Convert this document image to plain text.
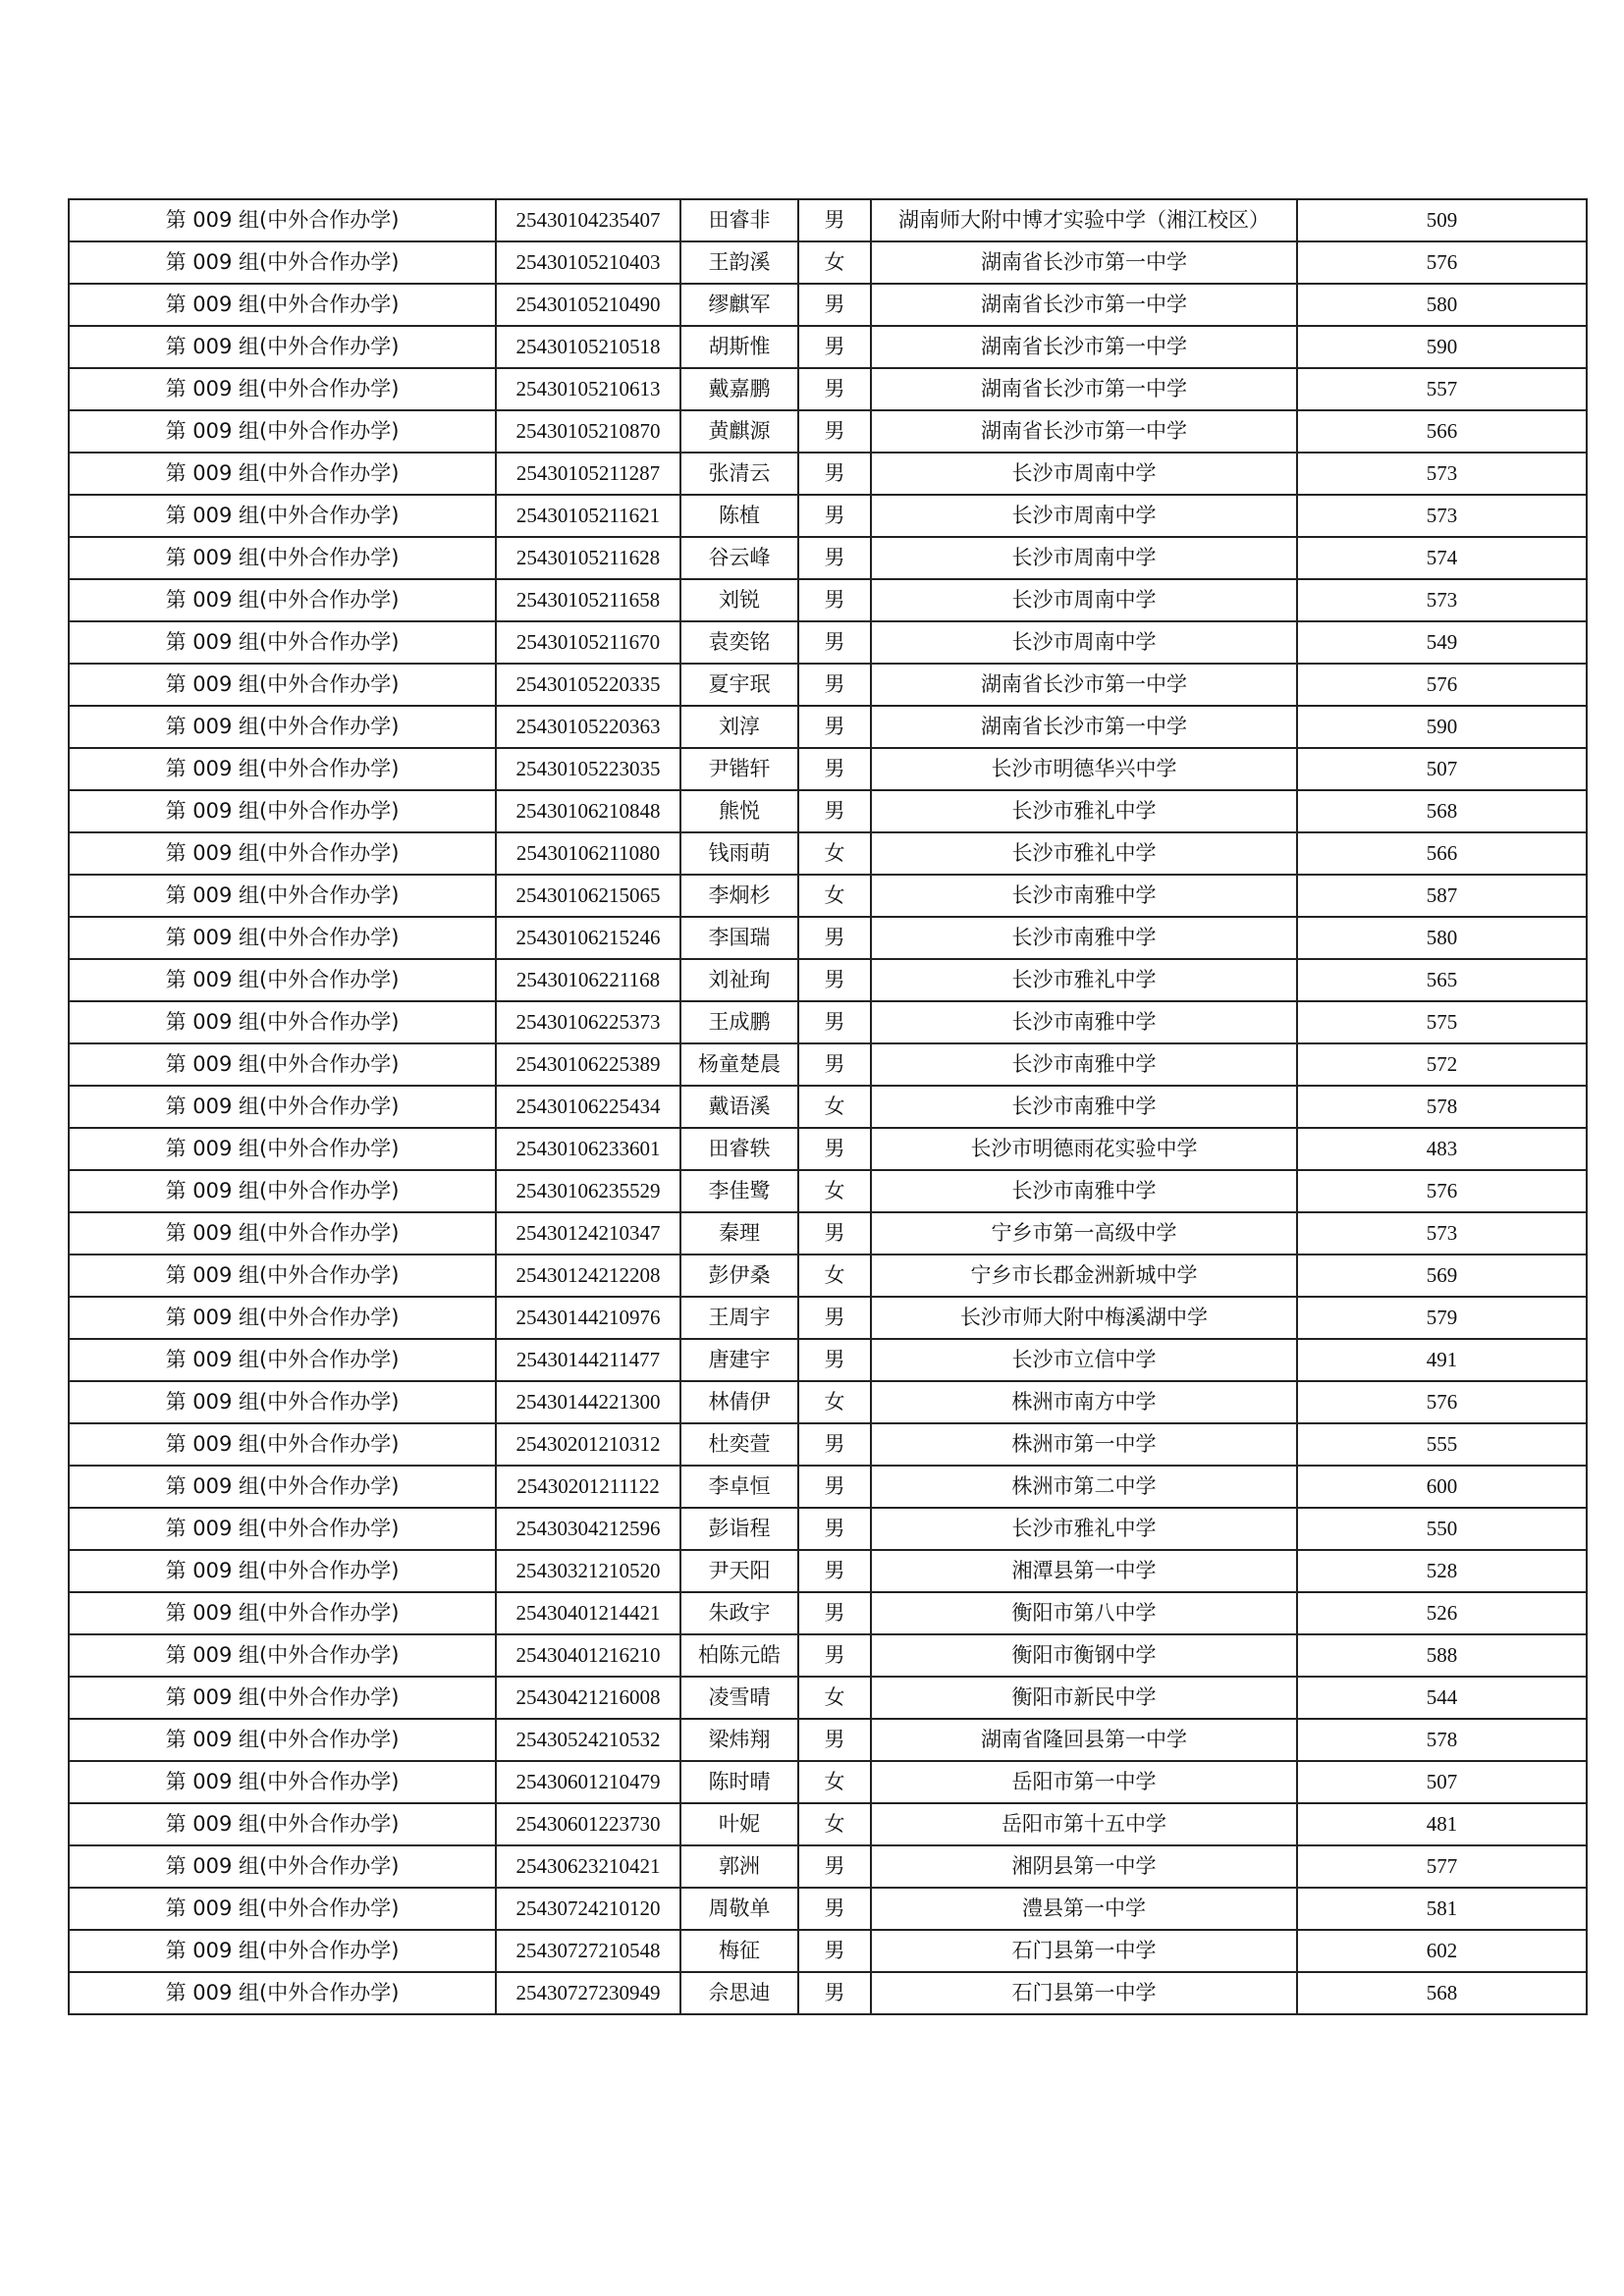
第 009 组(中外合作办学)	25430104235407	田睿非	男	湖南师大附中博才实验中学（湘江校区）	509
第 009 组(中外合作办学)	25430105210403	王韵溪	女	湖南省长沙市第一中学	576
第 009 组(中外合作办学)	25430105210490	缪麒军	男	湖南省长沙市第一中学	580
第 009 组(中外合作办学)	25430105210518	胡斯惟	男	湖南省长沙市第一中学	590
第 009 组(中外合作办学)	25430105210613	戴嘉鹏	男	湖南省长沙市第一中学	557
第 009 组(中外合作办学)	25430105210870	黄麒源	男	湖南省长沙市第一中学	566
第 009 组(中外合作办学)	25430105211287	张清云	男	长沙市周南中学	573
第 009 组(中外合作办学)	25430105211621	陈植	男	长沙市周南中学	573
第 009 组(中外合作办学)	25430105211628	谷云峰	男	长沙市周南中学	574
第 009 组(中外合作办学)	25430105211658	刘锐	男	长沙市周南中学	573
第 009 组(中外合作办学)	25430105211670	袁奕铭	男	长沙市周南中学	549
第 009 组(中外合作办学)	25430105220335	夏宇珉	男	湖南省长沙市第一中学	576
第 009 组(中外合作办学)	25430105220363	刘淳	男	湖南省长沙市第一中学	590
第 009 组(中外合作办学)	25430105223035	尹锴轩	男	长沙市明德华兴中学	507
第 009 组(中外合作办学)	25430106210848	熊悦	男	长沙市雅礼中学	568
第 009 组(中外合作办学)	25430106211080	钱雨萌	女	长沙市雅礼中学	566
第 009 组(中外合作办学)	25430106215065	李炯杉	女	长沙市南雅中学	587
第 009 组(中外合作办学)	25430106215246	李国瑞	男	长沙市南雅中学	580
第 009 组(中外合作办学)	25430106221168	刘祉珣	男	长沙市雅礼中学	565
第 009 组(中外合作办学)	25430106225373	王成鹏	男	长沙市南雅中学	575
第 009 组(中外合作办学)	25430106225389	杨童楚晨	男	长沙市南雅中学	572
第 009 组(中外合作办学)	25430106225434	戴语溪	女	长沙市南雅中学	578
第 009 组(中外合作办学)	25430106233601	田睿轶	男	长沙市明德雨花实验中学	483
第 009 组(中外合作办学)	25430106235529	李佳鹭	女	长沙市南雅中学	576
第 009 组(中外合作办学)	25430124210347	秦理	男	宁乡市第一高级中学	573
第 009 组(中外合作办学)	25430124212208	彭伊桑	女	宁乡市长郡金洲新城中学	569
第 009 组(中外合作办学)	25430144210976	王周宇	男	长沙市师大附中梅溪湖中学	579
第 009 组(中外合作办学)	25430144211477	唐建宇	男	长沙市立信中学	491
第 009 组(中外合作办学)	25430144221300	林倩伊	女	株洲市南方中学	576
第 009 组(中外合作办学)	25430201210312	杜奕萱	男	株洲市第一中学	555
第 009 组(中外合作办学)	25430201211122	李卓恒	男	株洲市第二中学	600
第 009 组(中外合作办学)	25430304212596	彭诣程	男	长沙市雅礼中学	550
第 009 组(中外合作办学)	25430321210520	尹天阳	男	湘潭县第一中学	528
第 009 组(中外合作办学)	25430401214421	朱政宇	男	衡阳市第八中学	526
第 009 组(中外合作办学)	25430401216210	柏陈元皓	男	衡阳市衡钢中学	588
第 009 组(中外合作办学)	25430421216008	凌雪晴	女	衡阳市新民中学	544
第 009 组(中外合作办学)	25430524210532	梁炜翔	男	湖南省隆回县第一中学	578
第 009 组(中外合作办学)	25430601210479	陈时晴	女	岳阳市第一中学	507
第 009 组(中外合作办学)	25430601223730	叶妮	女	岳阳市第十五中学	481
第 009 组(中外合作办学)	25430623210421	郭洲	男	湘阴县第一中学	577
第 009 组(中外合作办学)	25430724210120	周敬单	男	澧县第一中学	581
第 009 组(中外合作办学)	25430727210548	梅征	男	石门县第一中学	602
第 009 组(中外合作办学)	25430727230949	佘思迪	男	石门县第一中学	568
